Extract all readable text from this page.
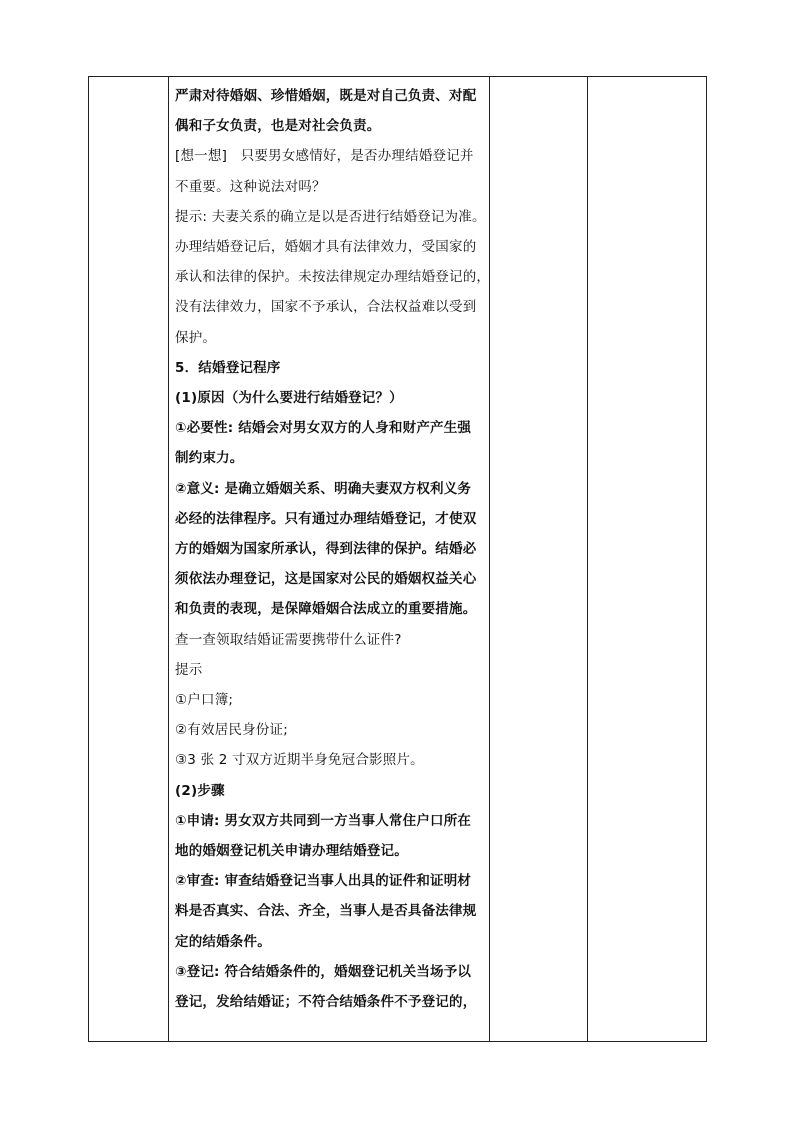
严肃对待婚姻、珍惜婚姻，既是对自己负责、对配
偶和子女负责，也是对社会负责。
[想一想]　只要男女感情好，是否办理结婚登记并
不重要。这种说法对吗？
提示: 夫妻关系的确立是以是否进行结婚登记为准。
办理结婚登记后，婚姻才具有法律效力，受国家的
承认和法律的保护。未按法律规定办理结婚登记的，
没有法律效力，国家不予承认，合法权益难以受到
保护。
5．结婚登记程序
(1)原因（为什么要进行结婚登记？）
①必要性: 结婚会对男女双方的人身和财产产生强
制约束力。
②意义: 是确立婚姻关系、明确夫妻双方权利义务
必经的法律程序。只有通过办理结婚登记，才使双
方的婚姻为国家所承认，得到法律的保护。结婚必
须依法办理登记，这是国家对公民的婚姻权益关心
和负责的表现，是保障婚姻合法成立的重要措施。
查一查领取结婚证需要携带什么证件?
提示
①户口簿;
②有效居民身份证;
③3 张 2 寸双方近期半身免冠合影照片。
(2)步骤
①申请: 男女双方共同到一方当事人常住户口所在
地的婚姻登记机关申请办理结婚登记。
②审查: 审查结婚登记当事人出具的证件和证明材
料是否真实、合法、齐全，当事人是否具备法律规
定的结婚条件。
③登记: 符合结婚条件的，婚姻登记机关当场予以
登记，发给结婚证；不符合结婚条件不予登记的，
